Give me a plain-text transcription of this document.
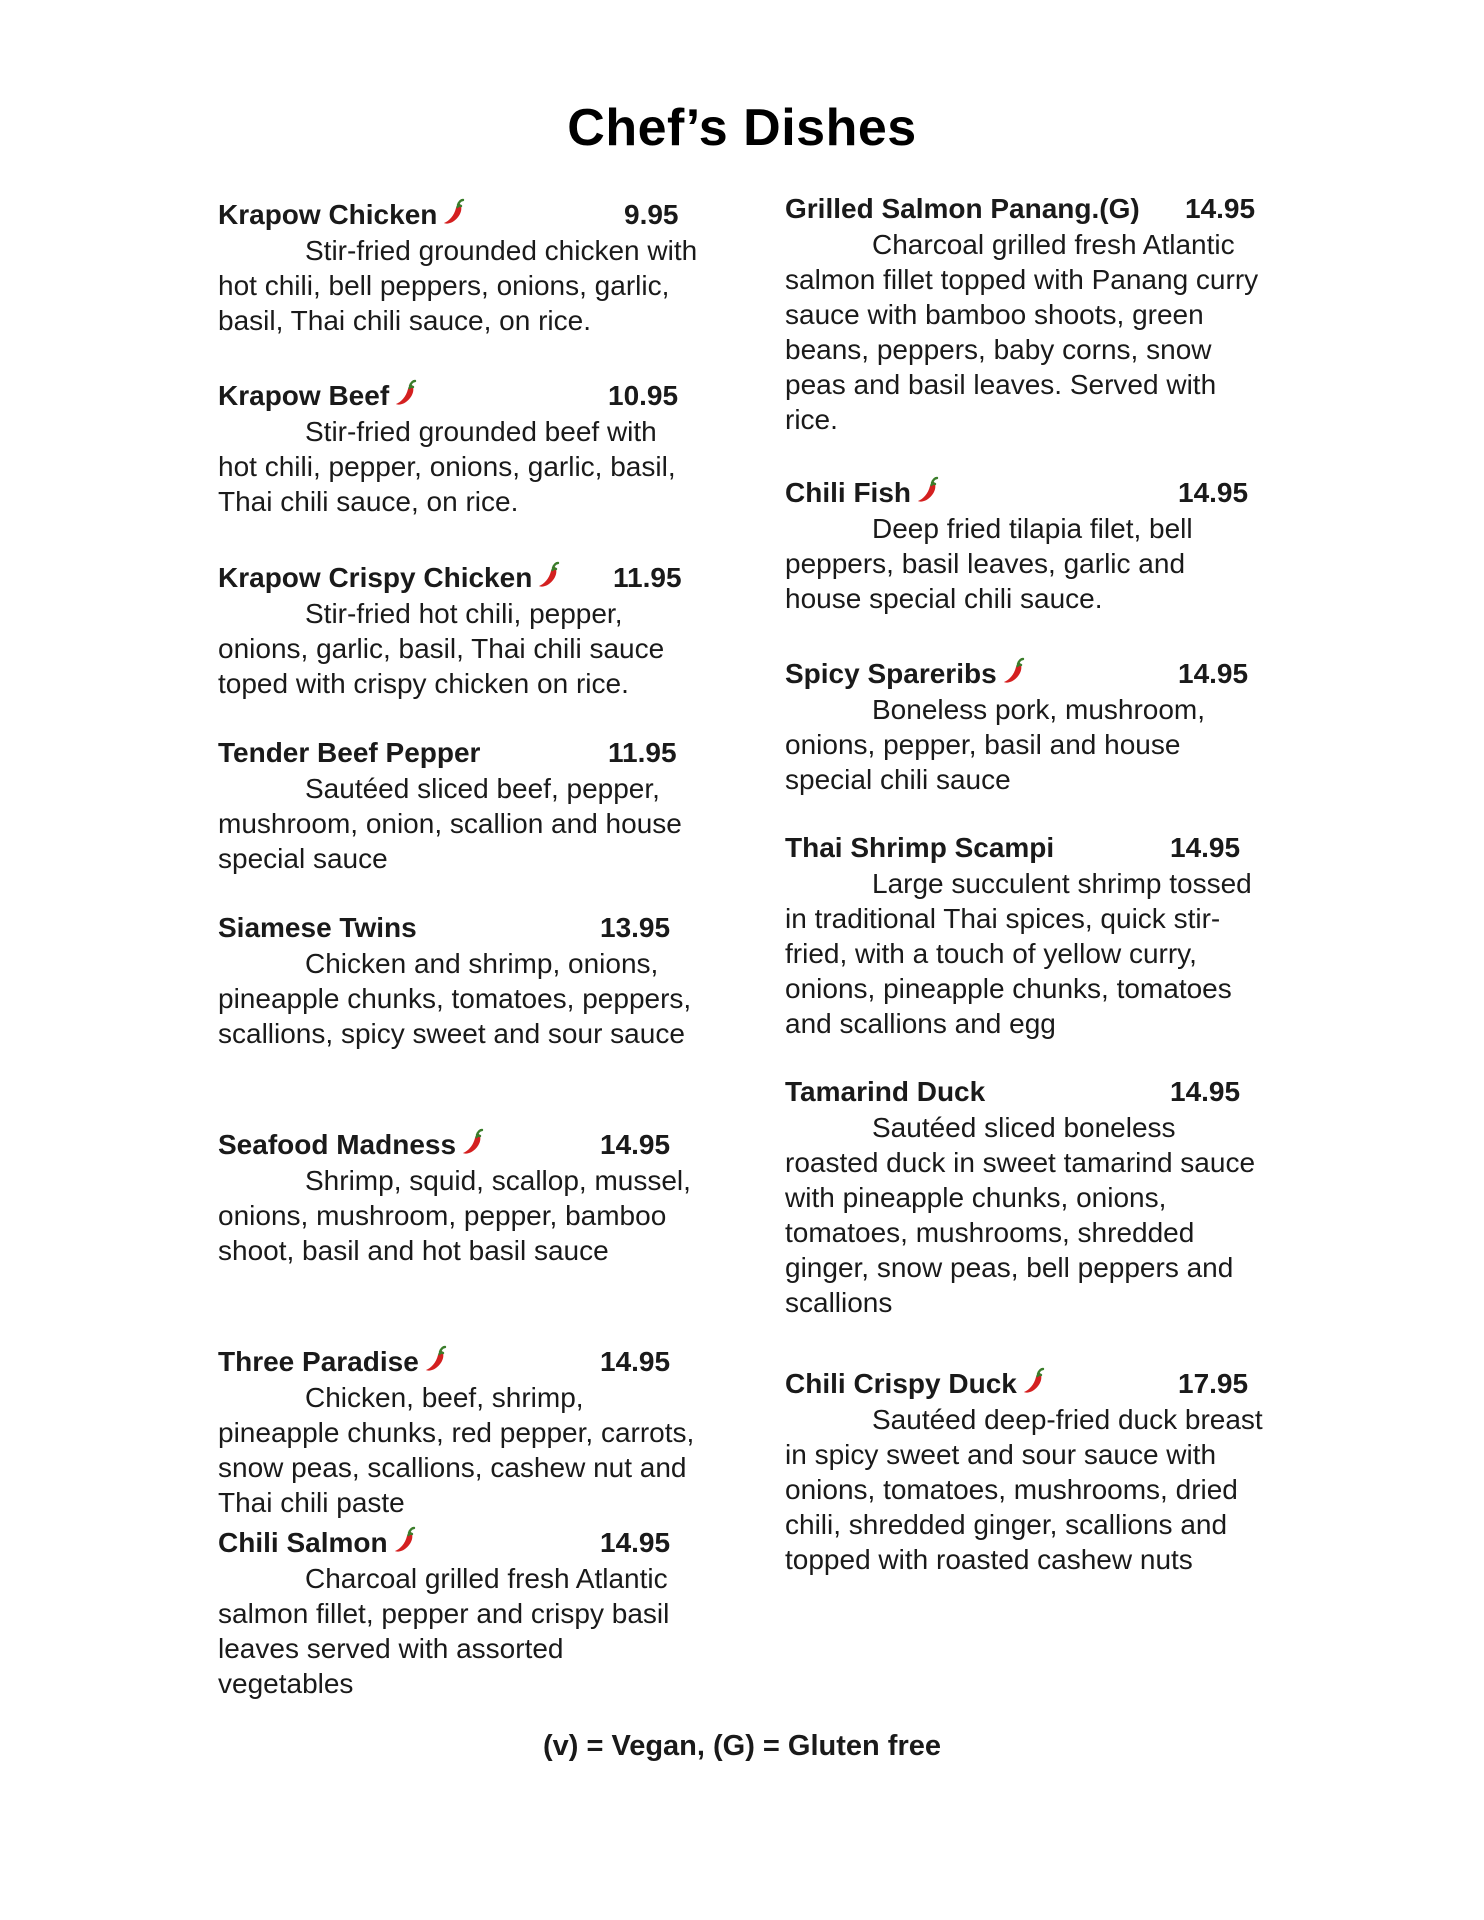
Chef’s Dishes
Krapow Chicken	9.95

Stir-fried grounded chicken with hot chili, bell peppers, onions, garlic, basil, Thai chili sauce, on rice.

Krapow Beef	10.95

Stir-fried grounded beef with hot chili, pepper, onions, garlic, basil, Thai chili sauce, on rice.

Krapow Crispy Chicken	11.95

Stir-fried hot chili, pepper, onions, garlic, basil, Thai chili sauce toped with crispy chicken on rice.

Tender Beef Pepper	11.95

Sautéed sliced beef, pepper, mushroom, onion, scallion and house special sauce

Siamese Twins	13.95

Chicken and shrimp, onions, pineapple chunks, tomatoes, peppers, scallions, spicy sweet and sour sauce

Seafood Madness	14.95

Shrimp, squid, scallop, mussel, onions, mushroom, pepper, bamboo shoot, basil and hot basil sauce

Three Paradise	14.95

Chicken, beef, shrimp, pineapple chunks, red pepper, carrots, snow peas, scallions, cashew nut and Thai chili paste

Chili Salmon	14.95

Charcoal grilled fresh Atlantic salmon fillet, pepper and crispy basil leaves served with assorted vegetables

Grilled Salmon Panang.(G) 14.95

Charcoal grilled fresh Atlantic salmon fillet topped with Panang curry sauce with bamboo shoots, green beans, peppers, baby corns, snow peas and basil leaves. Served with rice.

Chili Fish	14.95

Deep fried tilapia filet, bell peppers, basil leaves, garlic and house special chili sauce.

Spicy Spareribs	14.95

Boneless pork, mushroom, onions, pepper, basil and house special chili sauce

Thai Shrimp Scampi	14.95

Large succulent shrimp tossed in traditional Thai spices, quick stir-fried, with a touch of yellow curry, onions, pineapple chunks, tomatoes and scallions and egg

Tamarind Duck	14.95

Sautéed sliced boneless roasted duck in sweet tamarind sauce with pineapple chunks, onions, tomatoes, mushrooms, shredded ginger, snow peas, bell peppers and scallions

Chili Crispy Duck	17.95

Sautéed deep-fried duck breast in spicy sweet and sour sauce with onions, tomatoes, mushrooms, dried chili, shredded ginger, scallions and topped with roasted cashew nuts

(v) = Vegan, (G) = Gluten free
